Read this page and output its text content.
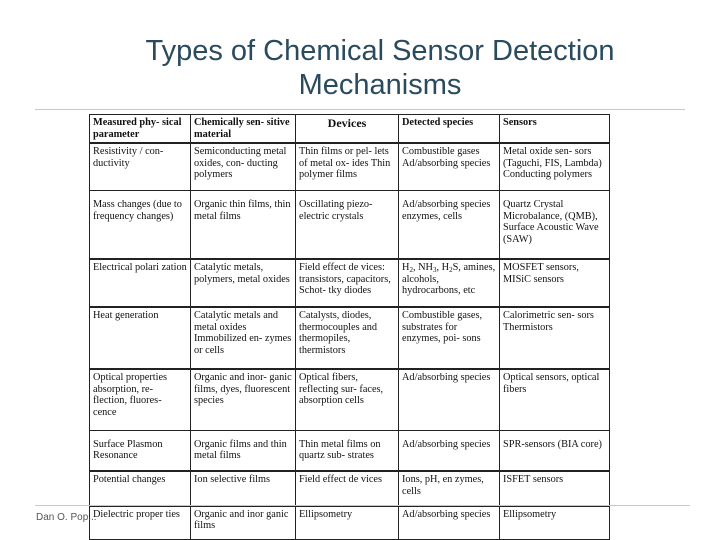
Types of Chemical Sensor Detection Mechanisms
Measured phy- sical parameter	Chemically sen- sitive material	Devices	Detected species	Sensors
Resistivity / con- ductivity	Semiconducting metal oxides, con- ducting polymers	Thin films or pel- lets of metal ox- ides Thin polymer films	Combustible gases Ad/absorbing species	Metal oxide sen- sors (Taguchi, FIS, Lambda) Conducting polymers
Mass changes (due to frequency changes)	Organic thin films, thin metal films	Oscillating piezo- electric crystals	Ad/absorbing species enzymes, cells	Quartz Crystal Microbalance, (QMB), Surface Acoustic Wave (SAW)
Electrical polari zation	Catalytic metals, polymers, metal oxides	Field effect de vices: transistors, capacitors, Schot- tky diodes	$H_2$, $NH_3$, $H_2S$, amines, alcohols, hydrocarbons, etc	MOSFET sensors, MISiC sensors
Heat generation	Catalytic metals and metal oxides Immobilized en- zymes or cells	Catalysts, diodes, thermocouples and thermopiles, thermistors	Combustible gases, substrates for enzymes, poi- sons	Calorimetric sen- sors Thermistors
Optical properties absorption, re- flection, fluores- cence	Organic and inor- ganic films, dyes, fluorescent species	Optical fibers, reflecting sur- faces, absorption cells	Ad/absorbing species	Optical sensors, optical fibers
Surface Plasmon Resonance	Organic films and thin metal films	Thin metal films on quartz sub- strates	Ad/absorbing species	SPR-sensors (BIA core)
Potential changes	Ion selective films	Field effect de vices	Ions, pH, en zymes, cells	ISFET sensors
Dielectric proper ties	Organic and inor ganic films	Ellipsometry	Ad/absorbing species	Ellipsometry
Dan O. Pop...
